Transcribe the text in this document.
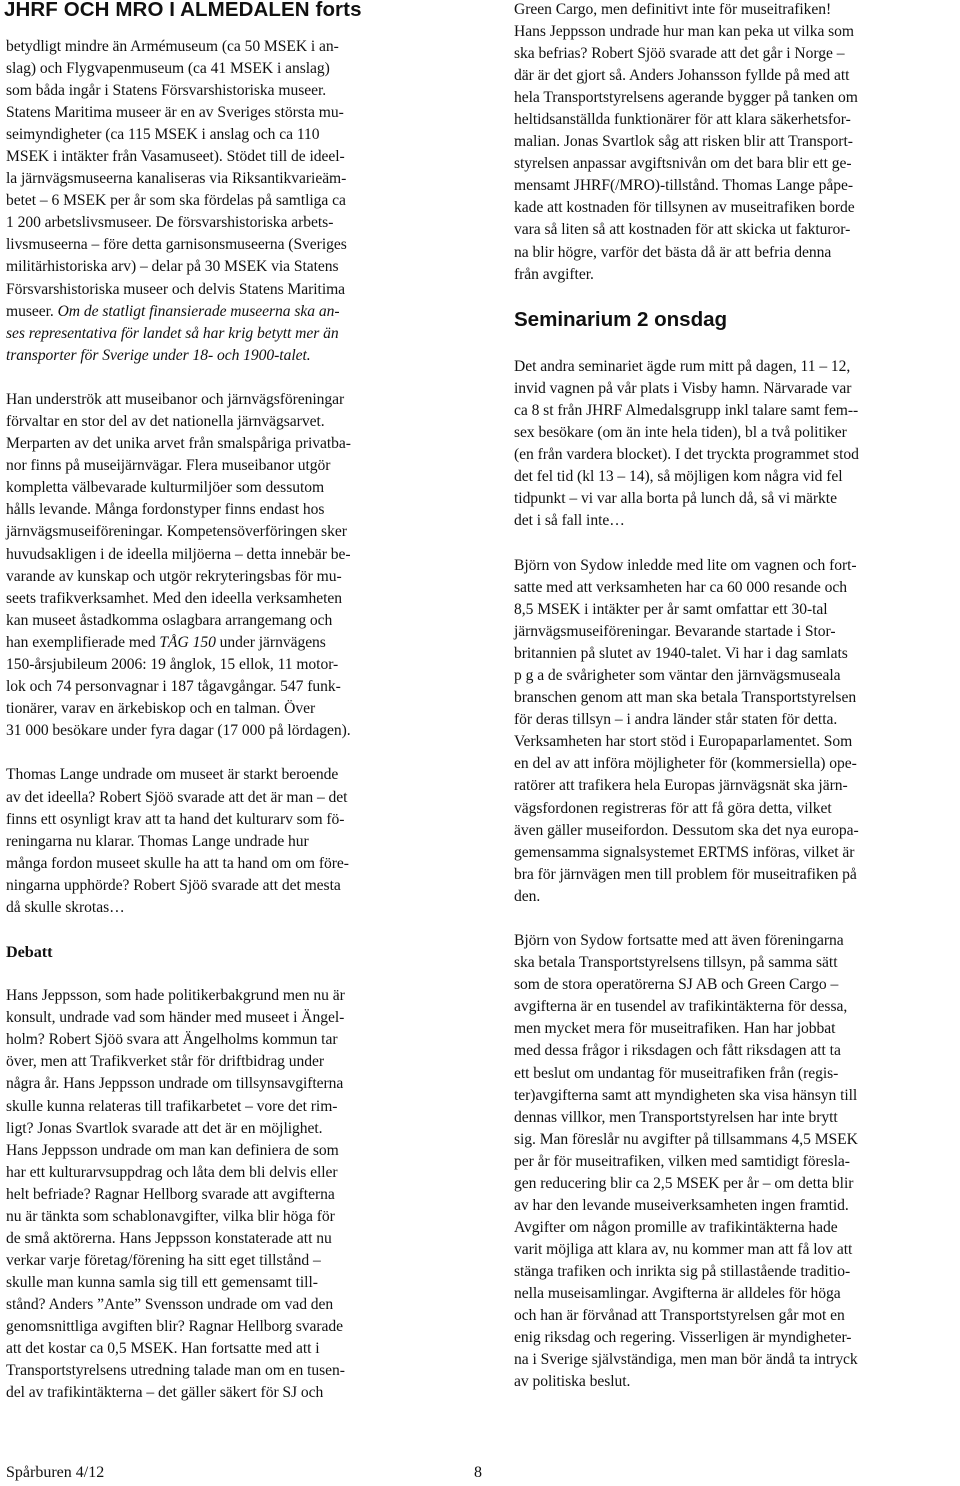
JHRF OCH MRO I ALMEDALEN forts

betydligt mindre än Armémuseum (ca 50 MSEK i an-
slag) och Flygvapenmuseum (ca 41 MSEK i anslag)
som båda ingår i Statens Försvarshistoriska museer.
Statens Maritima museer är en av Sveriges största mu-
seimyndigheter (ca 115 MSEK i anslag och ca 110
MSEK i intäkter från Vasamuseet). Stödet till de ideel-
la järnvägsmuseerna kanaliseras via Riksantikvarieäm-
betet – 6 MSEK per år som ska fördelas på samtliga ca
1 200 arbetslivsmuseer. De försvarshistoriska arbets-
livsmuseerna – före detta garnisonsmuseerna (Sveriges
militärhistoriska arv) – delar på 30 MSEK via Statens
Försvarshistoriska museer och delvis Statens Maritima
museer. Om de statligt finansierade museerna ska an-
ses representativa för landet så har krig betytt mer än
transporter för Sverige under 18- och 1900-talet.

Han underströk att museibanor och järnvägsföreningar
förvaltar en stor del av det nationella järnvägsarvet.
Merparten av det unika arvet från smalspåriga privatba-
nor finns på museijärnvägar. Flera museibanor utgör
kompletta välbevarade kulturmiljöer som dessutom
hålls levande. Många fordonstyper finns endast hos
järnvägsmuseiföreningar. Kompetensöverföringen sker
huvudsakligen i de ideella miljöerna – detta innebär be-
varande av kunskap och utgör rekryteringsbas för mu-
seets trafikverksamhet. Med den ideella verksamheten
kan museet åstadkomma oslagbara arrangemang och
han exemplifierade med TÅG 150 under järnvägens
150-årsjubileum 2006: 19 ånglok, 15 ellok, 11 motor-
lok och 74 personvagnar i 187 tågavgångar. 547 funk-
tionärer, varav en ärkebiskop och en talman. Över
31 000 besökare under fyra dagar (17 000 på lördagen).

Thomas Lange undrade om museet är starkt beroende
av det ideella? Robert Sjöö svarade att det är man – det
finns ett osynligt krav att ta hand det kulturarv som fö-
reningarna nu klarar. Thomas Lange undrade hur
många fordon museet skulle ha att ta hand om om före-
ningarna upphörde? Robert Sjöö svarade att det mesta
då skulle skrotas…

Debatt

Hans Jeppsson, som hade politikerbakgrund men nu är
konsult, undrade vad som händer med museet i Ängel-
holm? Robert Sjöö svara att Ängelholms kommun tar
över, men att Trafikverket står för driftbidrag under
några år. Hans Jeppsson undrade om tillsynsavgifterna
skulle kunna relateras till trafikarbetet – vore det rim-
ligt? Jonas Svartlok svarade att det är en möjlighet.
Hans Jeppsson undrade om man kan definiera de som
har ett kulturarvsuppdrag och låta dem bli delvis eller
helt befriade? Ragnar Hellborg svarade att avgifterna
nu är tänkta som schablonavgifter, vilka blir höga för
de små aktörerna. Hans Jeppsson konstaterade att nu
verkar varje företag/förening ha sitt eget tillstånd –
skulle man kunna samla sig till ett gemensamt till-
stånd? Anders ”Ante” Svensson undrade om vad den
genomsnittliga avgiften blir? Ragnar Hellborg svarade
att det kostar ca 0,5 MSEK. Han fortsatte med att i
Transportstyrelsens utredning talade man om en tusen-
del av trafikintäkterna – det gäller säkert för SJ och

Green Cargo, men definitivt inte för museitrafiken!
Hans Jeppsson undrade hur man kan peka ut vilka som
ska befrias? Robert Sjöö svarade att det går i Norge –
där är det gjort så. Anders Johansson fyllde på med att
hela Transportstyrelsens agerande bygger på tanken om
heltidsanställda funktionärer för att klara säkerhetsfor-
malian. Jonas Svartlok såg att risken blir att Transport-
styrelsen anpassar avgiftsnivån om det bara blir ett ge-
mensamt JHRF(/MRO)-tillstånd. Thomas Lange påpe-
kade att kostnaden för tillsynen av museitrafiken borde
vara så liten så att kostnaden för att skicka ut fakturor-
na blir högre, varför det bästa då är att befria denna
från avgifter.

Seminarium 2 onsdag

Det andra seminariet ägde rum mitt på dagen, 11 – 12,
invid vagnen på vår plats i Visby hamn. Närvarade var
ca 8 st från JHRF Almedalsgrupp inkl talare samt fem--
sex besökare (om än inte hela tiden), bl a två politiker
(en från vardera blocket). I det tryckta programmet stod
det fel tid (kl 13 – 14), så möjligen kom några vid fel
tidpunkt – vi var alla borta på lunch då, så vi märkte
det i så fall inte…

Björn von Sydow inledde med lite om vagnen och fort-
satte med att verksamheten har ca 60 000 resande och
8,5 MSEK i intäkter per år samt omfattar ett 30-tal
järnvägsmuseiföreningar. Bevarande startade i Stor-
britannien på slutet av 1940-talet. Vi har i dag samlats
p g a de svårigheter som väntar den järnvägsmuseala
branschen genom att man ska betala Transportstyrelsen
för deras tillsyn – i andra länder står staten för detta.
Verksamheten har stort stöd i Europaparlamentet. Som
en del av att införa möjligheter för (kommersiella) ope-
ratörer att trafikera hela Europas järnvägsnät ska järn-
vägsfordonen registreras för att få göra detta, vilket
även gäller museifordon. Dessutom ska det nya europa-
gemensamma signalsystemet ERTMS införas, vilket är
bra för järnvägen men till problem för museitrafiken på
den.

Björn von Sydow fortsatte med att även föreningarna
ska betala Transportstyrelsens tillsyn, på samma sätt
som de stora operatörerna SJ AB och Green Cargo –
avgifterna är en tusendel av trafikintäkterna för dessa,
men mycket mera för museitrafiken. Han har jobbat
med dessa frågor i riksdagen och fått riksdagen att ta
ett beslut om undantag för museitrafiken från (regis-
ter)avgifterna samt att myndigheten ska visa hänsyn till
dennas villkor, men Transportstyrelsen har inte brytt
sig. Man föreslår nu avgifter på tillsammans 4,5 MSEK
per år för museitrafiken, vilken med samtidigt föresla-
gen reducering blir ca 2,5 MSEK per år – om detta blir
av har den levande museiverksamheten ingen framtid.
Avgifter om någon promille av trafikintäkterna hade
varit möjliga att klara av, nu kommer man att få lov att
stänga trafiken och inrikta sig på stillastående traditio-
nella museisamlingar. Avgifterna är alldeles för höga
och han är förvånad att Transportstyrelsen går mot en
enig riksdag och regering. Visserligen är myndigheter-
na i Sverige självständiga, men man bör ändå ta intryck
av politiska beslut.

Spårburen 4/12	8
